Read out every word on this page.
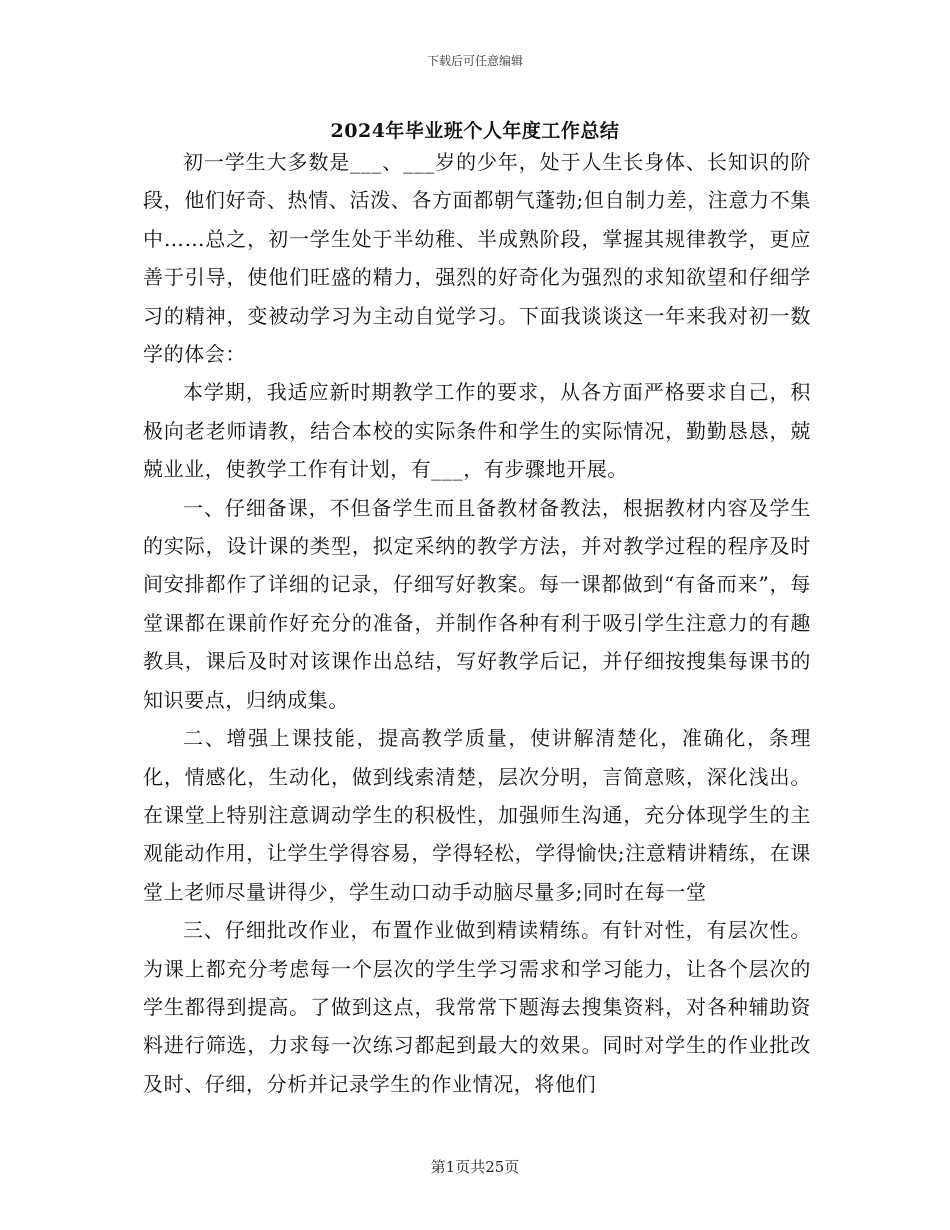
下载后可任意编辑
2024年毕业班个人年度工作总结

初一学生大多数是___、___岁的少年，处于人生长身体、长知识的阶段，他们好奇、热情、活泼、各方面都朝气蓬勃;但自制力差，注意力不集中……总之，初一学生处于半幼稚、半成熟阶段，掌握其规律教学，更应善于引导，使他们旺盛的精力，强烈的好奇化为强烈的求知欲望和仔细学习的精神，变被动学习为主动自觉学习。下面我谈谈这一年来我对初一数学的体会：

本学期，我适应新时期教学工作的要求，从各方面严格要求自己，积极向老老师请教，结合本校的实际条件和学生的实际情况，勤勤恳恳，兢兢业业，使教学工作有计划，有___，有步骤地开展。

一、仔细备课，不但备学生而且备教材备教法，根据教材内容及学生的实际，设计课的类型，拟定采纳的教学方法，并对教学过程的程序及时间安排都作了详细的记录，仔细写好教案。每一课都做到“有备而来”，每堂课都在课前作好充分的准备，并制作各种有利于吸引学生注意力的有趣教具，课后及时对该课作出总结，写好教学后记，并仔细按搜集每课书的知识要点，归纳成集。

二、增强上课技能，提高教学质量，使讲解清楚化，准确化，条理化，情感化，生动化，做到线索清楚，层次分明，言简意赅，深化浅出。在课堂上特别注意调动学生的积极性，加强师生沟通，充分体现学生的主观能动作用，让学生学得容易，学得轻松，学得愉快;注意精讲精练，在课堂上老师尽量讲得少，学生动口动手动脑尽量多;同时在每一堂

三、仔细批改作业，布置作业做到精读精练。有针对性，有层次性。为课上都充分考虑每一个层次的学生学习需求和学习能力，让各个层次的学生都得到提高。了做到这点，我常常下题海去搜集资料，对各种辅助资料进行筛选，力求每一次练习都起到最大的效果。同时对学生的作业批改及时、仔细，分析并记录学生的作业情况，将他们

第1页共25页
